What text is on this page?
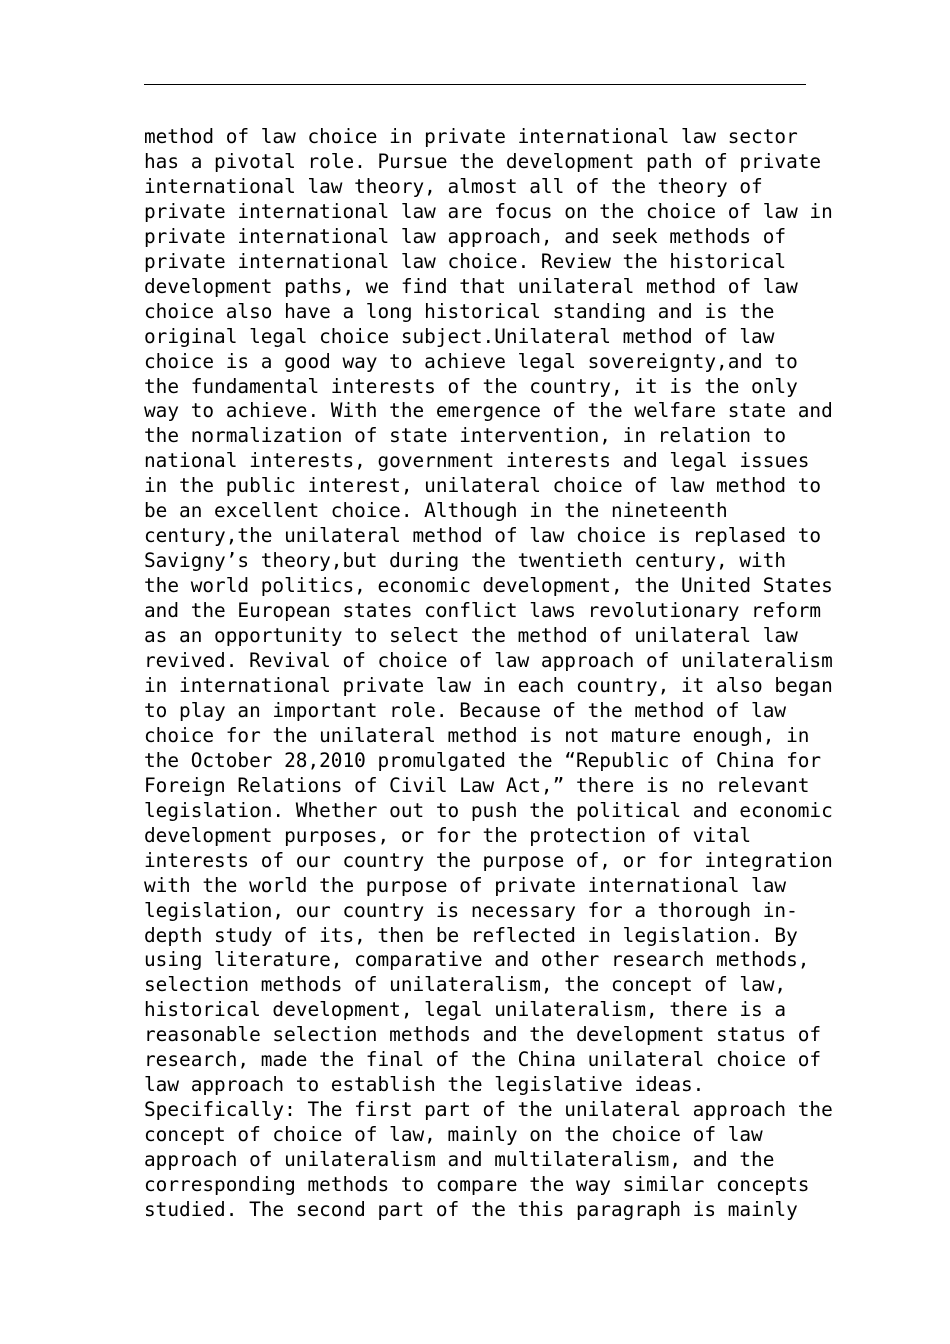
method of law choice in private international law sector
has a pivotal role. Pursue the development path of private
international law theory, almost all of the theory of
private international law are focus on the choice of law in
private international law approach, and seek methods of
private international law choice. Review the historical
development paths, we find that unilateral method of law
choice also have a long historical standing and is the
original legal choice subject.Unilateral method of law
choice is a good way to achieve legal sovereignty,and to
the fundamental interests of the country, it is the only
way to achieve. With the emergence of the welfare state and
the normalization of state intervention, in relation to
national interests, government interests and legal issues
in the public interest, unilateral choice of law method to
be an excellent choice. Although in the nineteenth
century,the unilateral method of law choice is replased to
Savigny’s theory,but during the twentieth century, with
the world politics, economic development, the United States
and the European states conflict laws revolutionary reform
as an opportunity to select the method of unilateral law
revived. Revival of choice of law approach of unilateralism
in international private law in each country, it also began
to play an important role. Because of the method of law
choice for the unilateral method is not mature enough, in
the October 28,2010 promulgated the “Republic of China for
Foreign Relations of Civil Law Act,” there is no relevant
legislation. Whether out to push the political and economic
development purposes, or for the protection of vital
interests of our country the purpose of, or for integration
with the world the purpose of private international law
legislation, our country is necessary for a thorough in-
depth study of its, then be reflected in legislation. By
using literature, comparative and other research methods,
selection methods of unilateralism, the concept of law,
historical development, legal unilateralism, there is a
reasonable selection methods and the development status of
research, made the final of the China unilateral choice of
law approach to establish the legislative ideas.
Specifically: The first part of the unilateral approach the
concept of choice of law, mainly on the choice of law
approach of unilateralism and multilateralism, and the
corresponding methods to compare the way similar concepts
studied. The second part of the this paragraph is mainly
